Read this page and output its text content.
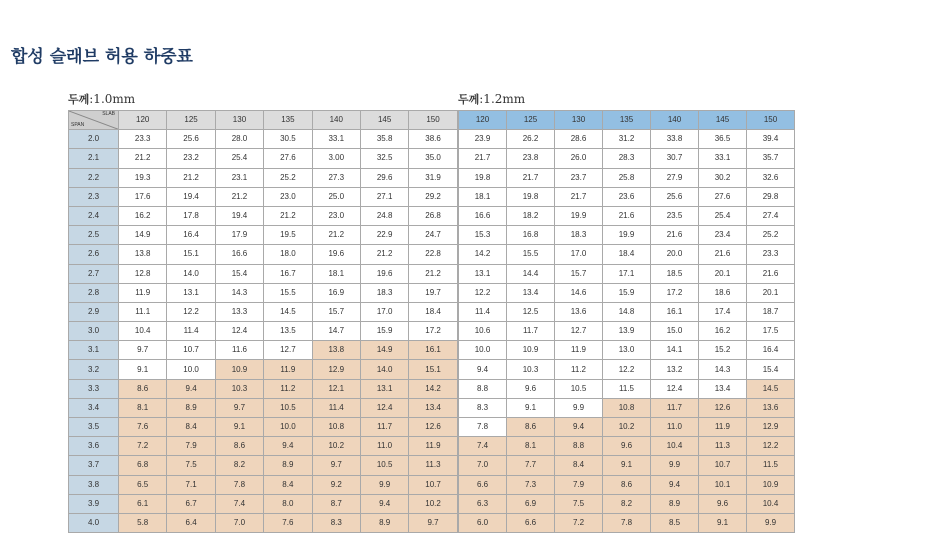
합성 슬래브 허용 하중표
두께:1.0mm	두께:1.2mm
SLAB
SPAN	120	125	130	135	140	145	150
2.0	23.3	25.6	28.0	30.5	33.1	35.8	38.6
2.1	21.2	23.2	25.4	27.6	3.00	32.5	35.0
2.2	19.3	21.2	23.1	25.2	27.3	29.6	31.9
2.3	17.6	19.4	21.2	23.0	25.0	27.1	29.2
2.4	16.2	17.8	19.4	21.2	23.0	24.8	26.8
2.5	14.9	16.4	17.9	19.5	21.2	22.9	24.7
2.6	13.8	15.1	16.6	18.0	19.6	21.2	22.8
2.7	12.8	14.0	15.4	16.7	18.1	19.6	21.2
2.8	11.9	13.1	14.3	15.5	16.9	18.3	19.7
2.9	11.1	12.2	13.3	14.5	15.7	17.0	18.4
3.0	10.4	11.4	12.4	13.5	14.7	15.9	17.2
3.1	9.7	10.7	11.6	12.7	13.8	14.9	16.1
3.2	9.1	10.0	10.9	11.9	12.9	14.0	15.1
3.3	8.6	9.4	10.3	11.2	12.1	13.1	14.2
3.4	8.1	8.9	9.7	10.5	11.4	12.4	13.4
3.5	7.6	8.4	9.1	10.0	10.8	11.7	12.6
3.6	7.2	7.9	8.6	9.4	10.2	11.0	11.9
3.7	6.8	7.5	8.2	8.9	9.7	10.5	11.3
3.8	6.5	7.1	7.8	8.4	9.2	9.9	10.7
3.9	6.1	6.7	7.4	8.0	8.7	9.4	10.2
4.0	5.8	6.4	7.0	7.6	8.3	8.9	9.7
120	125	130	135	140	145	150
23.9	26.2	28.6	31.2	33.8	36.5	39.4
21.7	23.8	26.0	28.3	30.7	33.1	35.7
19.8	21.7	23.7	25.8	27.9	30.2	32.6
18.1	19.8	21.7	23.6	25.6	27.6	29.8
16.6	18.2	19.9	21.6	23.5	25.4	27.4
15.3	16.8	18.3	19.9	21.6	23.4	25.2
14.2	15.5	17.0	18.4	20.0	21.6	23.3
13.1	14.4	15.7	17.1	18.5	20.1	21.6
12.2	13.4	14.6	15.9	17.2	18.6	20.1
11.4	12.5	13.6	14.8	16.1	17.4	18.7
10.6	11.7	12.7	13.9	15.0	16.2	17.5
10.0	10.9	11.9	13.0	14.1	15.2	16.4
9.4	10.3	11.2	12.2	13.2	14.3	15.4
8.8	9.6	10.5	11.5	12.4	13.4	14.5
8.3	9.1	9.9	10.8	11.7	12.6	13.6
7.8	8.6	9.4	10.2	11.0	11.9	12.9
7.4	8.1	8.8	9.6	10.4	11.3	12.2
7.0	7.7	8.4	9.1	9.9	10.7	11.5
6.6	7.3	7.9	8.6	9.4	10.1	10.9
6.3	6.9	7.5	8.2	8.9	9.6	10.4
6.0	6.6	7.2	7.8	8.5	9.1	9.9
